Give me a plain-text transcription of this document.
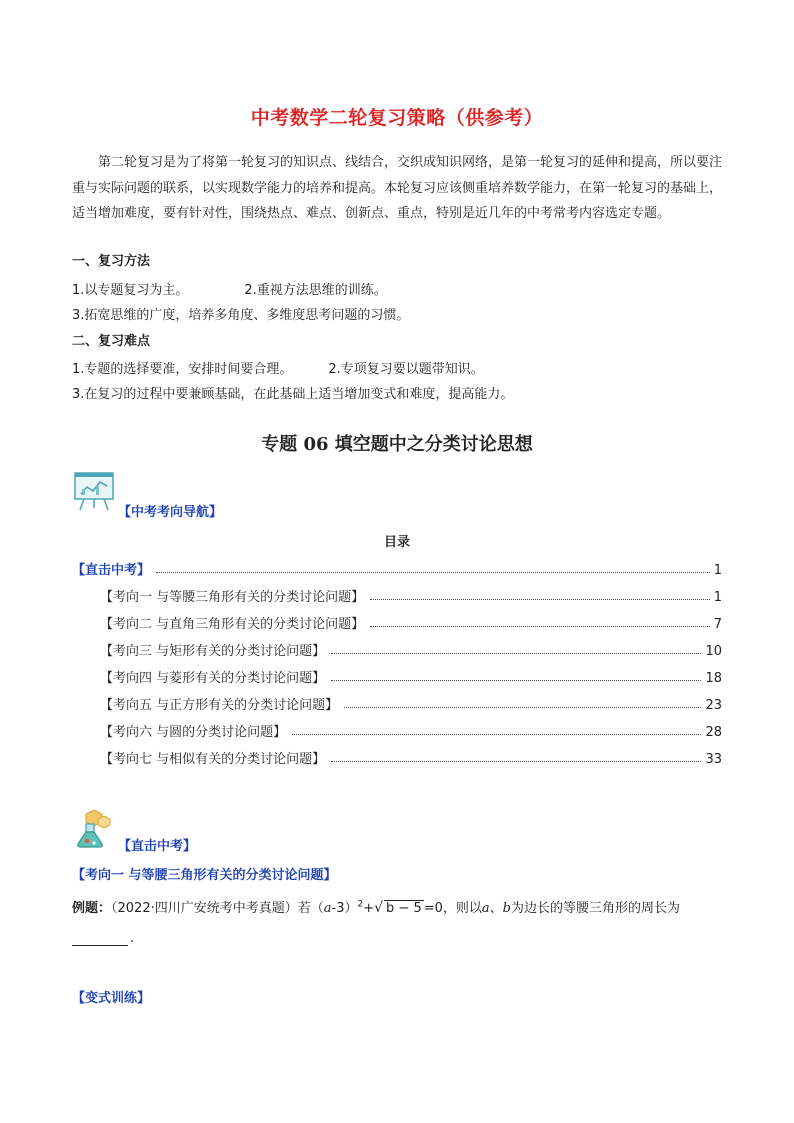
中考数学二轮复习策略（供参考）
第二轮复习是为了将第一轮复习的知识点、线结合，交织成知识网络，是第一轮复习的延伸和提高，所以要注重与实际问题的联系，以实现数学能力的培养和提高。本轮复习应该侧重培养数学能力，在第一轮复习的基础上，适当增加难度，要有针对性，围绕热点、难点、创新点、重点，特别是近几年的中考常考内容选定专题。
一、复习方法
1.以专题复习为主。	2.重视方法思维的训练。
3.拓宽思维的广度，培养多角度、多维度思考问题的习惯。
二、复习难点
1.专题的选择要准，安排时间要合理。	2.专项复习要以题带知识。
3.在复习的过程中要兼顾基础，在此基础上适当增加变式和难度，提高能力。
专题 06 填空题中之分类讨论思想
【中考考向导航】
目录
【直击中考】	1
【考向一 与等腰三角形有关的分类讨论问题】	1
【考向二 与直角三角形有关的分类讨论问题】	7
【考向三 与矩形有关的分类讨论问题】	10
【考向四 与菱形有关的分类讨论问题】	18
【考向五 与正方形有关的分类讨论问题】	23
【考向六 与圆的分类讨论问题】	28
【考向七 与相似有关的分类讨论问题】	33
【直击中考】
【考向一 与等腰三角形有关的分类讨论问题】
例题：（2022·四川广安统考中考真题）若$(a-3)^2+√$ b − 5 =0，则以a、b为边长的等腰三角形的周长为
.
【变式训练】
